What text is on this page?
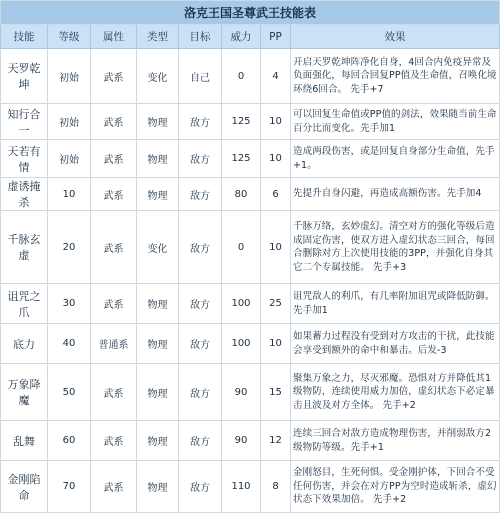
洛克王国圣尊武王技能表							
技能	等级	属性	类型	目标	威力	PP	效果
天罗乾坤	初始	武系	变化	自己	0	4	开启天罗乾坤阵净化自身，4回合内免疫异常及负面强化，每回合回复PP值及生命值，召唤化境环绕6回合。 先手+7
知行合一	初始	武系	物理	敌方	125	10	可以回复生命值或PP值的剑法，效果随当前生命百分比而变化。先手加1
天若有情	初始	武系	物理	敌方	125	10	造成两段伤害，或是回复自身部分生命值，先手+1。
虚诱掩杀	10	武系	物理	敌方	80	6	先提升自身闪避，再造成高额伤害。先手加4
千脉玄虚	20	武系	变化	敌方	0	10	千脉万络，玄妙虚幻。清空对方的强化等级后造成固定伤害，使双方进入虚幻状态三回合，每回合删除对方上次使用技能的3PP，并强化自身其它二个专属技能。 先手+3
诅咒之爪	30	武系	物理	敌方	100	25	诅咒敌人的利爪，有几率附加诅咒或降低防御。先手加1
底力	40	普通系	物理	敌方	100	10	如果蓄力过程没有受到对方攻击的干扰，此技能会享受到额外的命中和暴击。后发-3
万象降魔	50	武系	物理	敌方	90	15	聚集万象之力，尽灭邪魔。恐惧对方并降低其1级物防，连续使用威力加倍，虚幻状态下必定暴击且波及对方全体。 先手+2
乱舞	60	武系	物理	敌方	90	12	连续三回合对敌方造成物理伤害，并削弱敌方2级物防等级。先手+1
金刚陷命	70	武系	物理	敌方	110	8	金刚怒目，生死何惧。受金刚护体，下回合不受任何伤害，并会在对方PP为空时造成斩杀，虚幻状态下效果加倍。 先手+2
